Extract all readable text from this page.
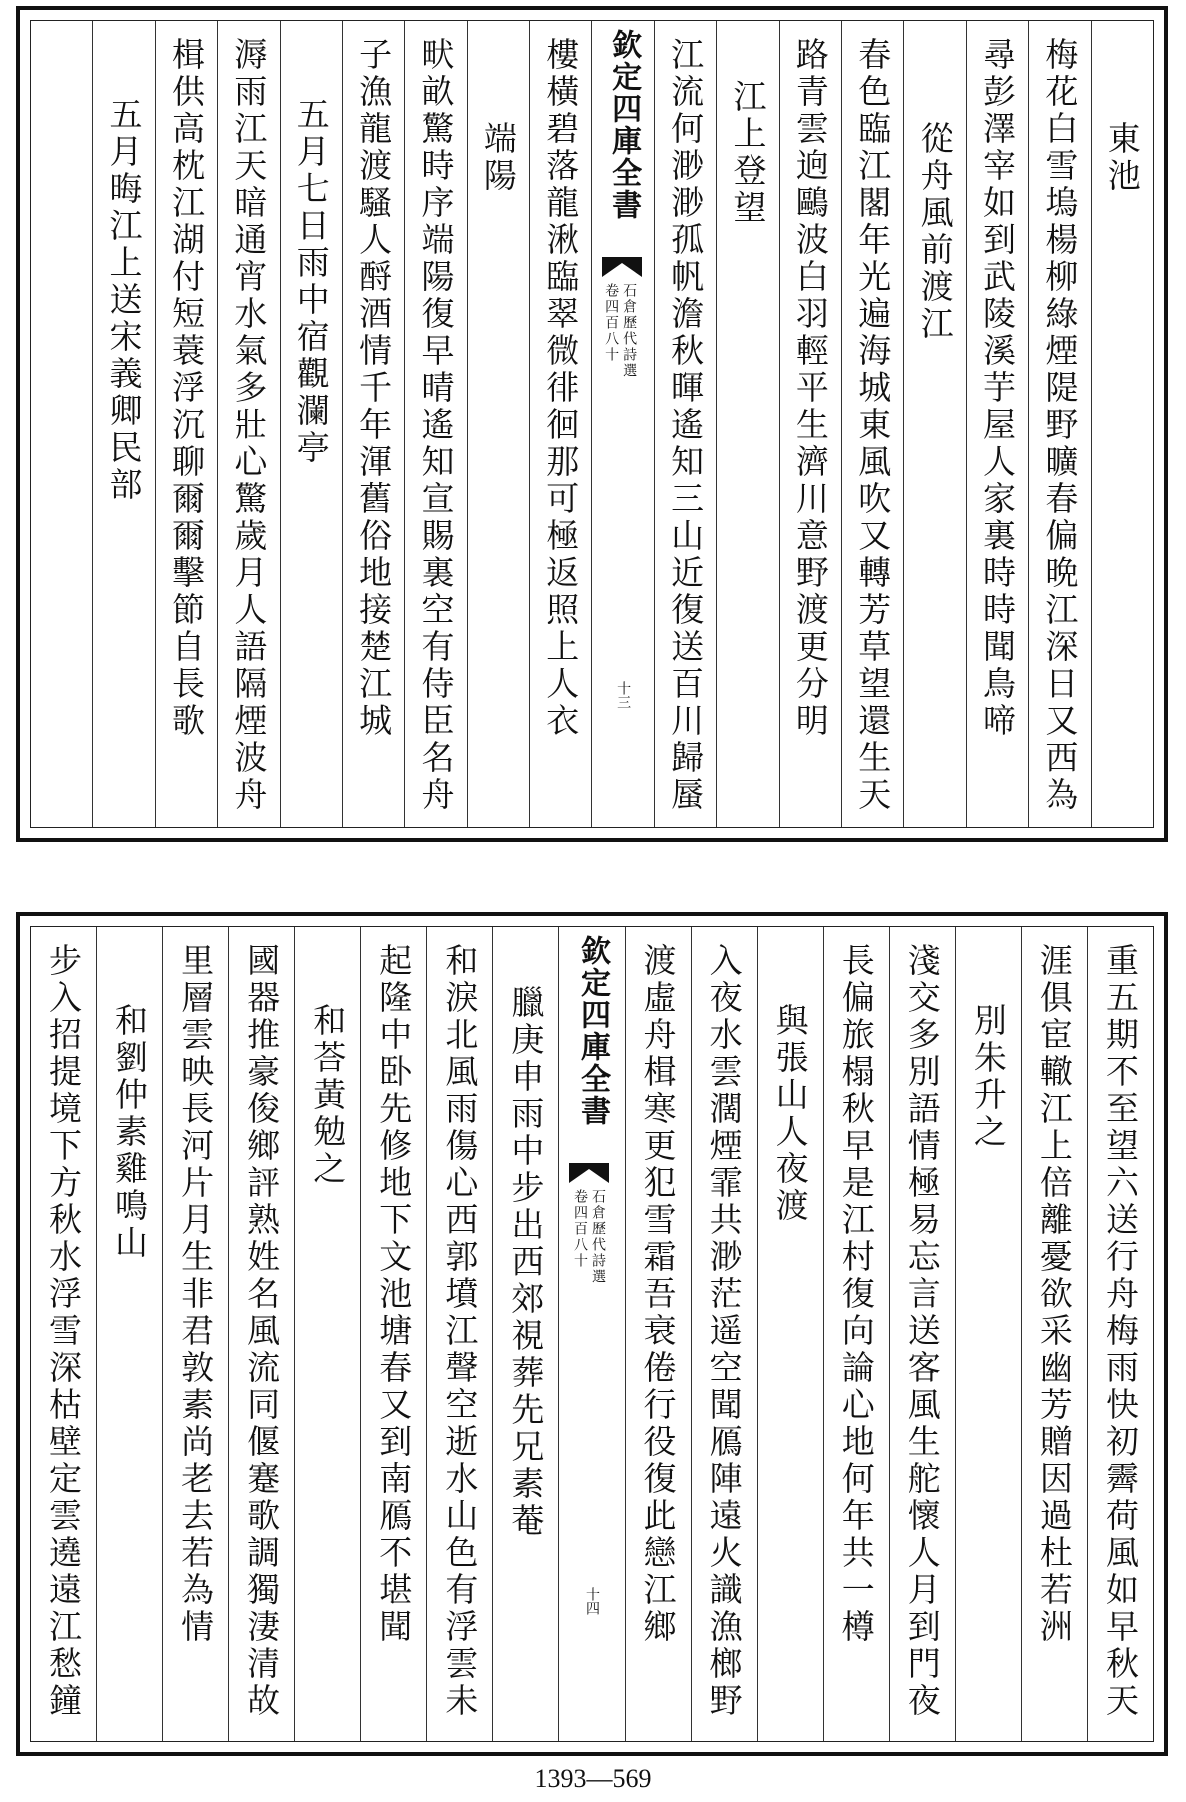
東池
梅花白雪塢楊柳綠煙隄野曠春偏晩江深日又西為
尋彭澤宰如到武陵溪芋屋人家裏時時聞鳥啼
從舟風前渡江
春色臨江閣年光遍海城東風吹又轉芳草望還生天
路青雲逈鷗波白羽輕平生濟川意野渡更分明
江上登望
江流何渺渺孤帆澹秋暉遙知三山近復送百川歸蜃
欽定四庫全書
石倉歷代詩選
卷四百八十
十三
樓橫碧落龍湫臨翠微徘徊那可極返照上人衣
端陽
畎畝驚時序端陽復早晴遙知宣賜裏空有侍臣名舟
子漁龍渡騷人酹酒情千年渾舊俗地接楚江城
五月七日雨中宿觀瀾亭
溽雨江天暗通宵水氣多壯心驚歲月人語隔煙波舟
楫供高枕江湖付短蓑浮沉聊爾爾擊節自長歌
五月晦江上送宋義卿民部
重五期不至望六送行舟梅雨快初霽荷風如早秋天
涯俱宦轍江上倍離憂欲采幽芳贈因過杜若洲
別朱升之
淺交多別語情極易忘言送客風生舵懷人月到門夜
長偏旅榻秋早是江村復向論心地何年共一樽
與張山人夜渡
入夜水雲濶煙霏共渺茫遥空聞鴈陣遠火識漁榔野
渡虛舟楫寒更犯雪霜吾衰倦行役復此戀江鄉
欽定四庫全書
石倉歷代詩選
卷四百八十
十四
臘庚申雨中步出西郊視葬先兄素菴
和淚北風雨傷心西郭墳江聲空逝水山色有浮雲未
起隆中卧先修地下文池塘春又到南鴈不堪聞
和荅黃勉之
國器推豪俊鄉評熟姓名風流同偃蹇歌調獨淒清故
里層雲映長河片月生非君敦素尚老去若為情
和劉仲素雞鳴山
步入招提境下方秋水浮雪深枯壁定雲遶遠江愁鐘
1393—569
